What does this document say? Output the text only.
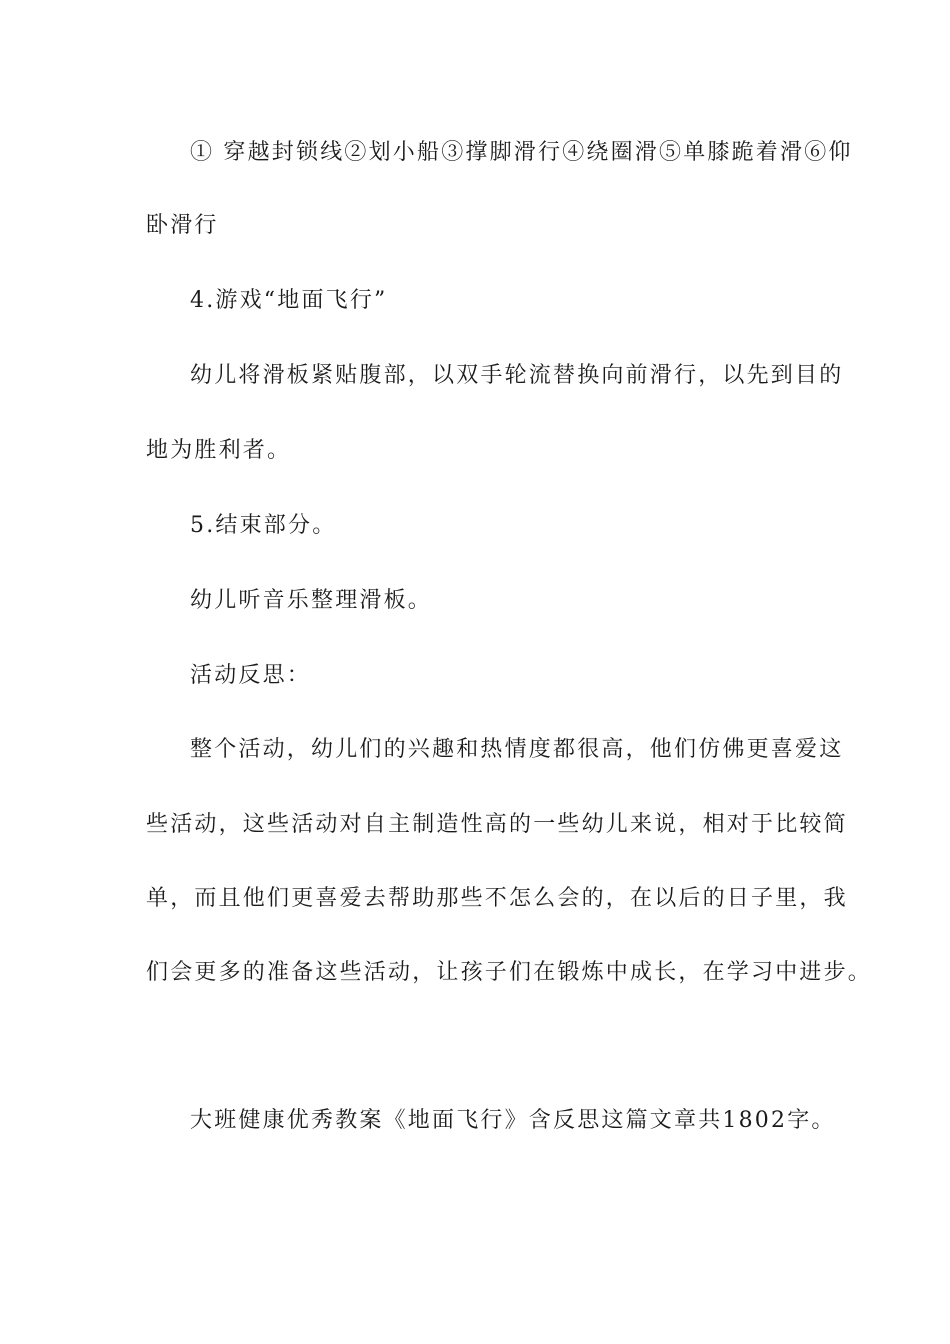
① 穿越封锁线②划小船③撑脚滑行④绕圈滑⑤单膝跪着滑⑥仰

卧滑行

4.游戏“地面飞行”

幼儿将滑板紧贴腹部，以双手轮流替换向前滑行，以先到目的

地为胜利者。

5.结束部分。

幼儿听音乐整理滑板。

活动反思：

整个活动，幼儿们的兴趣和热情度都很高，他们仿佛更喜爱这

些活动，这些活动对自主制造性高的一些幼儿来说，相对于比较简

单，而且他们更喜爱去帮助那些不怎么会的，在以后的日子里，我

们会更多的准备这些活动，让孩子们在锻炼中成长，在学习中进步。

大班健康优秀教案《地面飞行》含反思这篇文章共1802字。
